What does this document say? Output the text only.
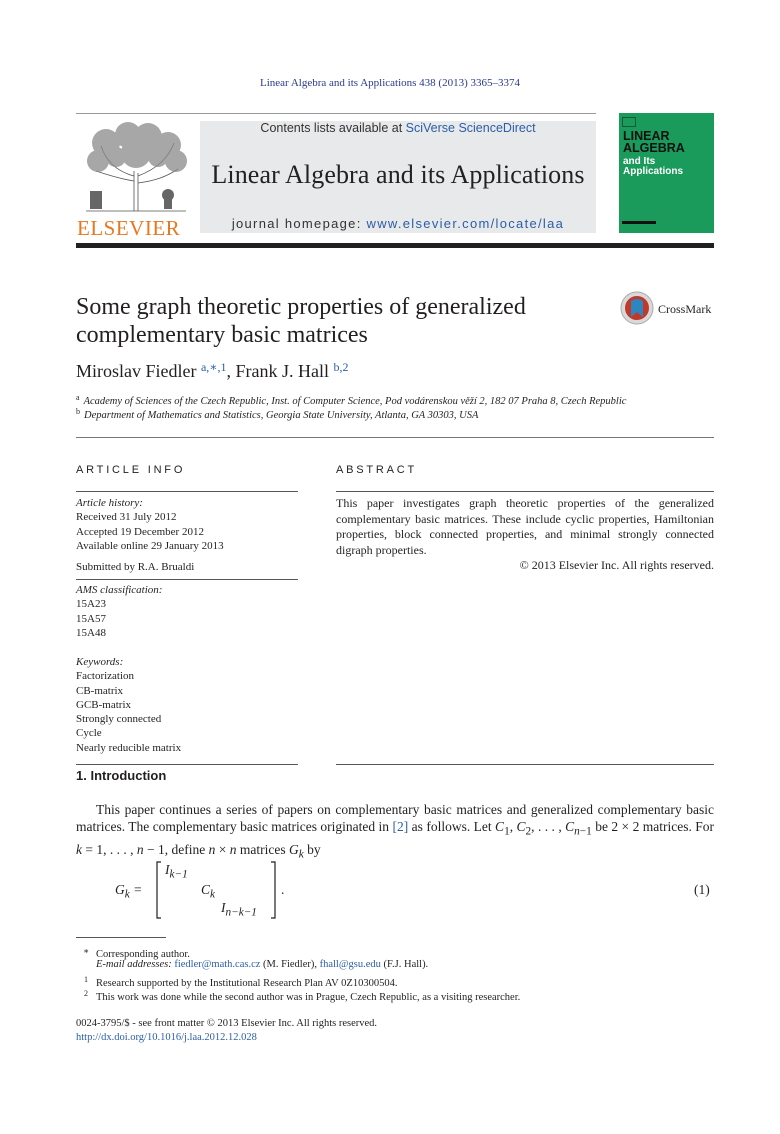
Linear Algebra and its Applications 438 (2013) 3365–3374
ELSEVIER
Contents lists available at SciVerse ScienceDirect
Linear Algebra and its Applications
journal homepage: www.elsevier.com/locate/laa
LINEAR
ALGEBRA
and Its
Applications
Some graph theoretic properties of generalized
complementary basic matrices
CrossMark
Miroslav Fiedler $^{a,∗,1}$, Frank J. Hall $^{b,2}$
$^a$ Academy of Sciences of the Czech Republic, Inst. of Computer Science, Pod vodárenskou věží 2, 182 07 Praha 8, Czech Republic
$^b$ Department of Mathematics and Statistics, Georgia State University, Atlanta, GA 30303, USA
ARTICLE INFO
Article history:
Received 31 July 2012
Accepted 19 December 2012
Available online 29 January 2013
Submitted by R.A. Brualdi
AMS classification:
15A23
15A57
15A48
Keywords:
Factorization
CB-matrix
GCB-matrix
Strongly connected
Cycle
Nearly reducible matrix
ABSTRACT
This paper investigates graph theoretic properties of the generalized complementary basic matrices. These include cyclic properties, Hamiltonian properties, block connected properties, and minimal strongly connected digraph properties.
© 2013 Elsevier Inc. All rights reserved.
1. Introduction
This paper continues a series of papers on complementary basic matrices and generalized complementary basic matrices. The complementary basic matrices originated in [2] as follows. Let $C_1$, $C_2$, . . . , $C_{n-1}$ be 2 × 2 matrices. For k = 1, . . . , n − 1, define n × n matrices $G_k$ by
$G_k$ =
$I_{k-1}$
$C_k$
$I_{n-k-1}$
.	(1)
∗ Corresponding author.
E-mail addresses: fiedler@math.cas.cz (M. Fiedler), fhall@gsu.edu (F.J. Hall).
1 Research supported by the Institutional Research Plan AV 0Z10300504.
2 This work was done while the second author was in Prague, Czech Republic, as a visiting researcher.
0024-3795/$ - see front matter © 2013 Elsevier Inc. All rights reserved.
http://dx.doi.org/10.1016/j.laa.2012.12.028
